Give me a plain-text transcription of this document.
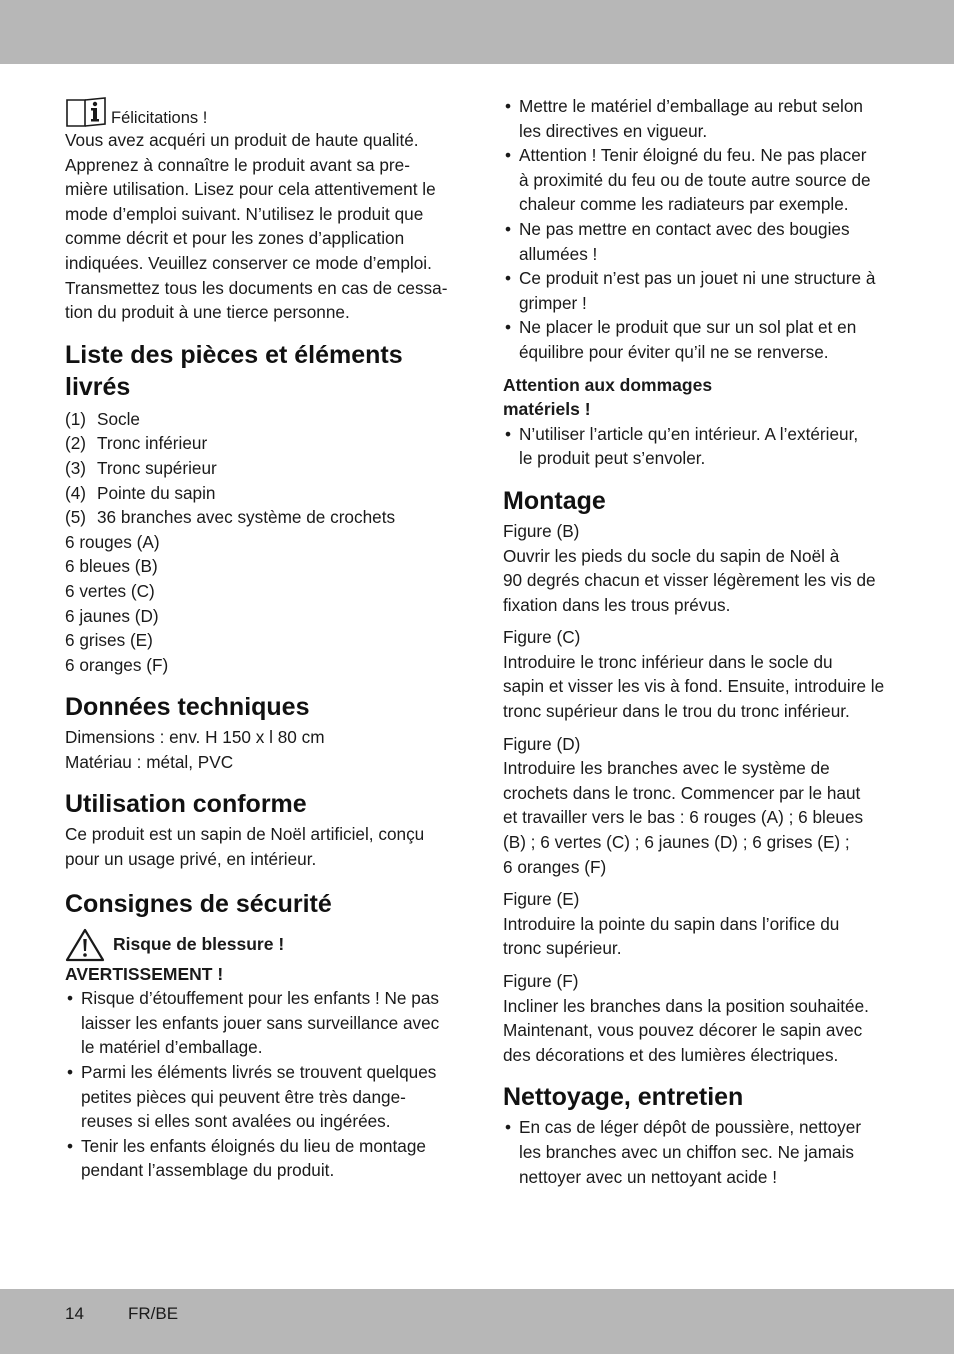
Félicitations !

Vous avez acquéri un produit de haute qualité.

Apprenez à connaître le produit avant sa pre-

mière utilisation. Lisez pour cela attentivement le

mode d’emploi suivant. N’utilisez le produit que

comme décrit et pour les zones d’application

indiquées. Veuillez conserver ce mode d’emploi.

Transmettez tous les documents en cas de cessa-

tion du produit à une tierce personne.

Liste des pièces et éléments
livrés
(1) Socle
(2) Tronc inférieur
(3) Tronc supérieur
(4) Pointe du sapin
(5) 36 branches avec système de crochets

6 rouges (A)

6 bleues (B)

6 vertes (C)

6 jaunes (D)

6 grises (E)

6 oranges (F)

Données techniques

Dimensions : env. H 150 x l 80 cm

Matériau : métal, PVC

Utilisation conforme

Ce produit est un sapin de Noël artificiel, conçu

pour un usage privé, en intérieur.

Consignes de sécurité
Risque de blessure !

AVERTISSEMENT !

• Risque d’étouffement pour les enfants ! Ne pas
laisser les enfants jouer sans surveillance avec
le matériel d’emballage.
• Parmi les éléments livrés se trouvent quelques
petites pièces qui peuvent être très dange-
reuses si elles sont avalées ou ingérées.
• Tenir les enfants éloignés du lieu de montage
pendant l’assemblage du produit.
• Mettre le matériel d’emballage au rebut selon
les directives en vigueur.
• Attention ! Tenir éloigné du feu. Ne pas placer
à proximité du feu ou de toute autre source de
chaleur comme les radiateurs par exemple.
• Ne pas mettre en contact avec des bougies
allumées !
• Ce produit n’est pas un jouet ni une structure à
grimper !
• Ne placer le produit que sur un sol plat et en
équilibre pour éviter qu’il ne se renverse.
Attention aux dommages
matériels !
• N’utiliser l’article qu’en intérieur. A l’extérieur,
le produit peut s’envoler.
Montage

Figure (B)

Ouvrir les pieds du socle du sapin de Noël à

90 degrés chacun et visser légèrement les vis de

fixation dans les trous prévus.

Figure (C)

Introduire le tronc inférieur dans le socle du

sapin et visser les vis à fond. Ensuite, introduire le

tronc supérieur dans le trou du tronc inférieur.

Figure (D)

Introduire les branches avec le système de

crochets dans le tronc. Commencer par le haut

et travailler vers le bas : 6 rouges (A) ; 6 bleues

(B) ; 6 vertes (C) ; 6 jaunes (D) ; 6 grises (E) ;

6 oranges (F)

Figure (E)

Introduire la pointe du sapin dans l’orifice du

tronc supérieur.

Figure (F)

Incliner les branches dans la position souhaitée.

Maintenant, vous pouvez décorer le sapin avec

des décorations et des lumières électriques.

Nettoyage, entretien
• En cas de léger dépôt de poussière, nettoyer
les branches avec un chiffon sec. Ne jamais
nettoyer avec un nettoyant acide !
14	FR/BE
